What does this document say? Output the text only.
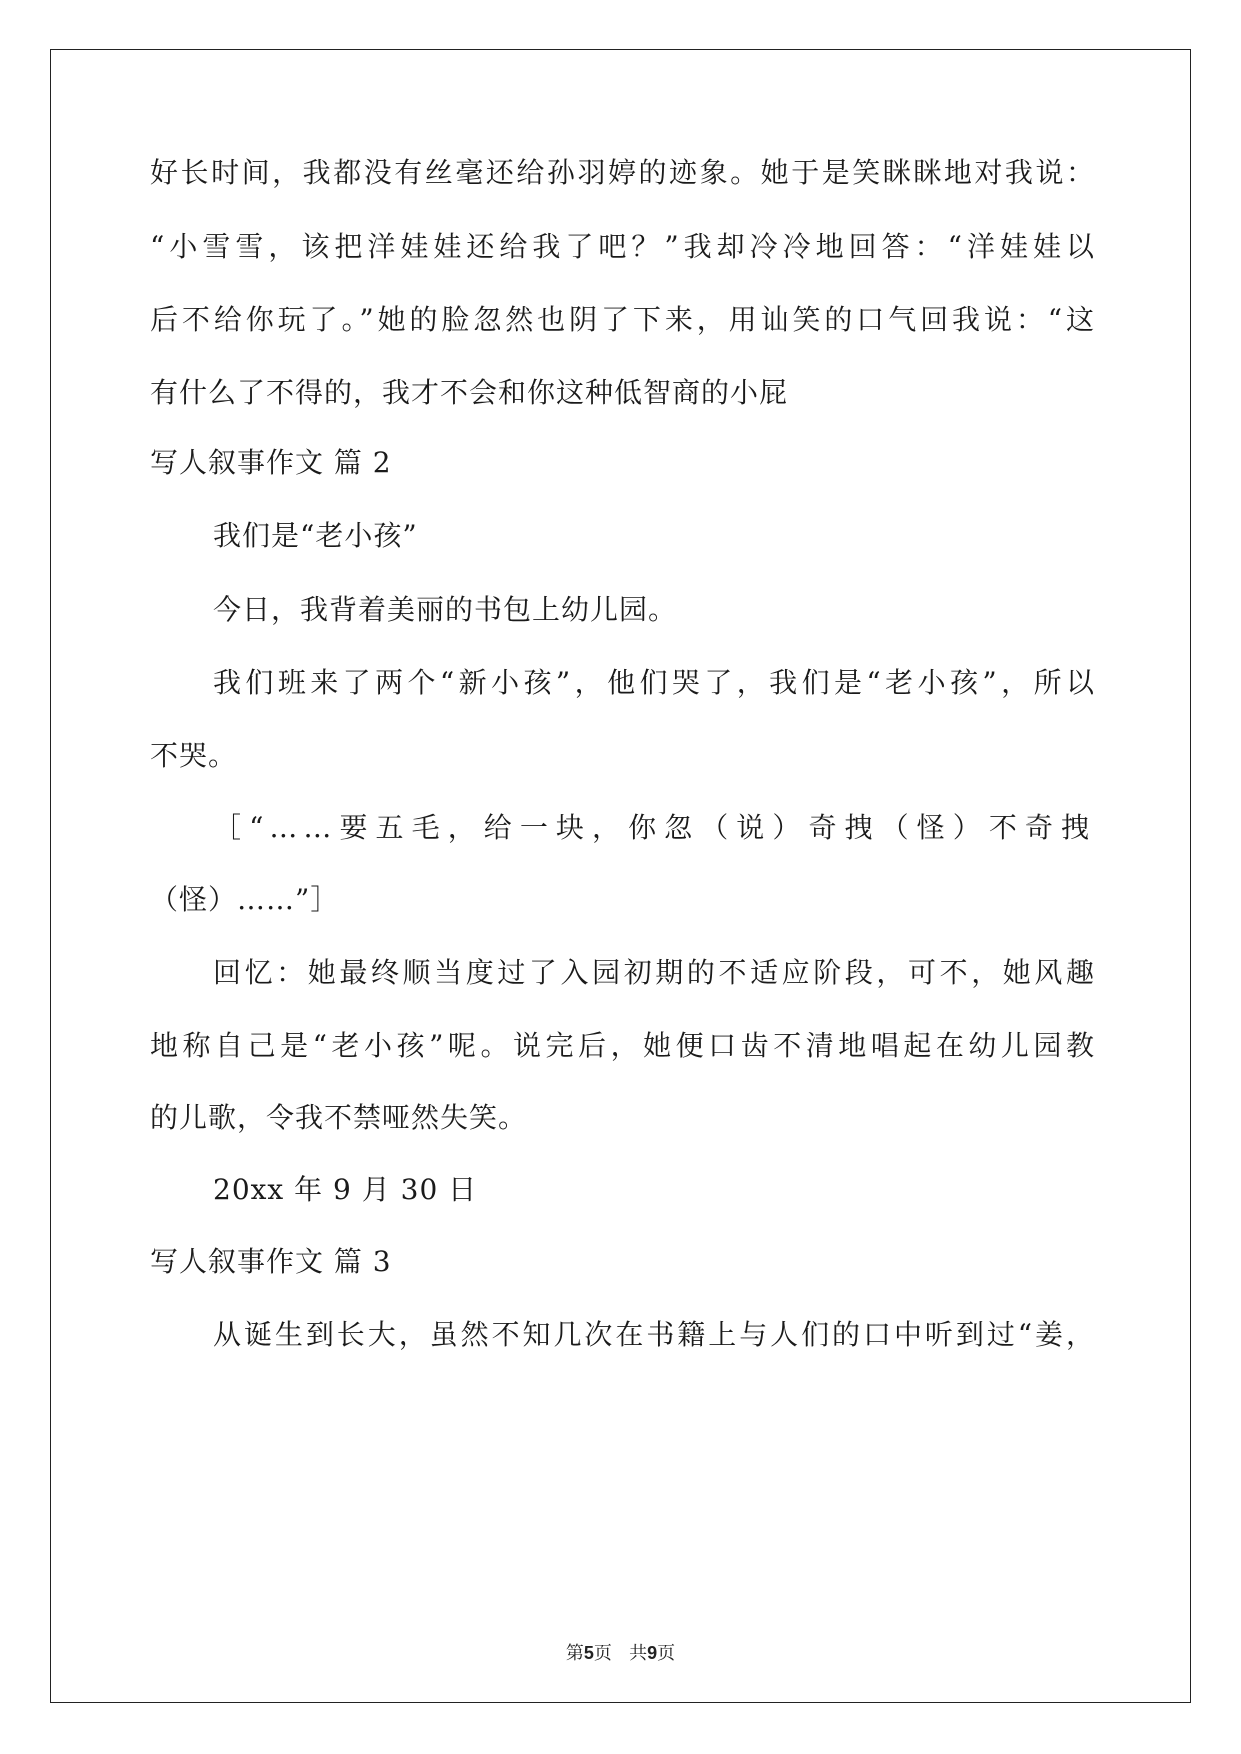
好长时间，我都没有丝毫还给孙羽婷的迹象。她于是笑眯眯地对我说：
“小雪雪，该把洋娃娃还给我了吧？”我却冷冷地回答：“洋娃娃以
后不给你玩了。”她的脸忽然也阴了下来，用讪笑的口气回我说：“这
有什么了不得的，我才不会和你这种低智商的小屁
写人叙事作文 篇 2
我们是“老小孩”
今日，我背着美丽的书包上幼儿园。
我们班来了两个“新小孩”，他们哭了，我们是“老小孩”，所以
不哭。
［“……要五毛，给一块，你忽（说）奇拽（怪）不奇拽
（怪）……”］
回忆：她最终顺当度过了入园初期的不适应阶段，可不，她风趣
地称自己是“老小孩”呢。说完后，她便口齿不清地唱起在幼儿园教
的儿歌，令我不禁哑然失笑。
20xx 年 9 月 30 日
写人叙事作文 篇 3
从诞生到长大，虽然不知几次在书籍上与人们的口中听到过“姜，
第5页   共9页
